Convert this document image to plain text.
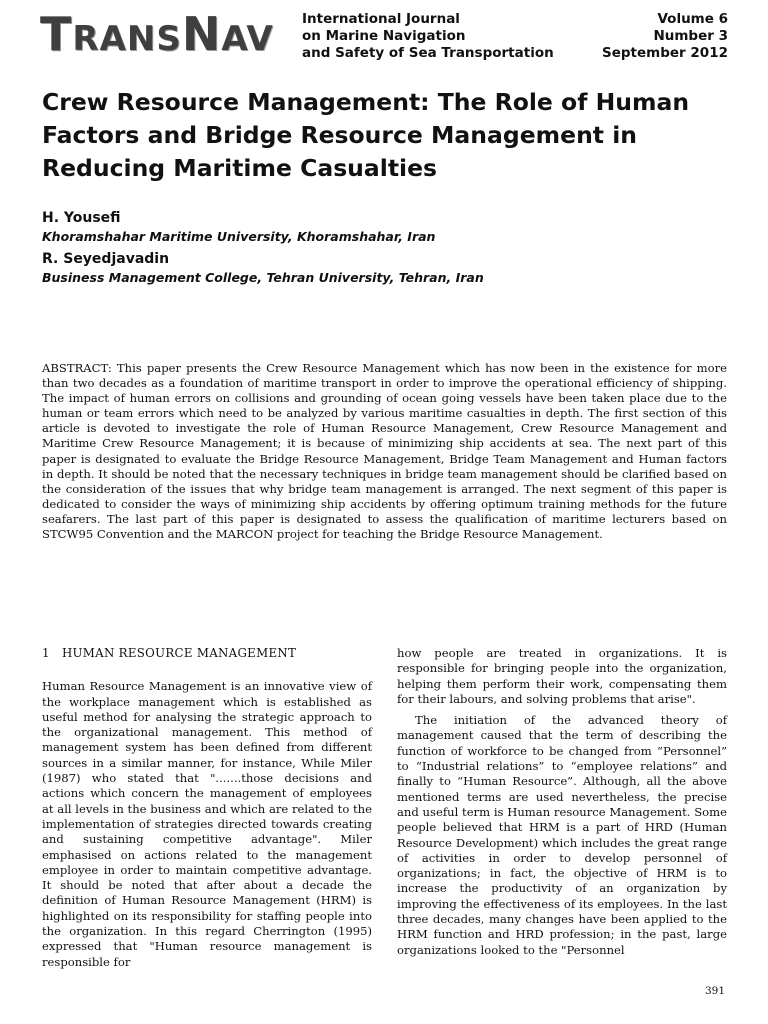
TRANSNAV International Journal
on Marine Navigation
and Safety of Sea Transportation
Volume 6
Number 3
September 2012
Crew Resource Management: The Role of Human Factors and Bridge Resource Management in Reducing Maritime Casualties
H. Yousefi
Khoramshahar Maritime University, Khoramshahar, Iran
R. Seyedjavadin
Business Management College, Tehran University, Tehran, Iran

ABSTRACT: This paper presents the Crew Resource Management which has now been in the existence for more than two decades as a foundation of maritime transport in order to improve the operational efficiency of shipping. The impact of human errors on collisions and grounding of ocean going vessels have been taken place due to the human or team errors which need to be analyzed by various maritime casualties in depth. The first section of this article is devoted to investigate the role of Human Resource Management, Crew Resource Management and Maritime Crew Resource Management; it is because of minimizing ship accidents at sea. The next part of this paper is designated to evaluate the Bridge Resource Management, Bridge Team Management and Human factors in depth. It should be noted that the necessary techniques in bridge team management should be clarified based on the consideration of the issues that why bridge team management is arranged. The next segment of this paper is dedicated to consider the ways of minimizing ship accidents by offering optimum training methods for the future seafarers. The last part of this paper is designated to assess the qualification of maritime lecturers based on STCW95 Convention and the MARCON project for teaching the Bridge Resource Management.

1   HUMAN RESOURCE MANAGEMENT

Human Resource Management is an innovative view of the workplace management which is established as useful method for analysing the strategic approach to the organizational management. This method of management system has been defined from different sources in a similar manner, for instance, While Miler (1987) who stated that ".......those decisions and actions which concern the management of employees at all levels in the business and which are related to the implementation of strategies directed towards creating and sustaining competitive advantage". Miler emphasised on actions related to the management employee in order to maintain competitive advantage. It should be noted that after about a decade the definition of Human Resource Management (HRM) is highlighted on its responsibility for staffing people into the organization. In this regard Cherrington (1995) expressed that "Human resource management is responsible for

how people are treated in organizations. It is responsible for bringing people into the organization, helping them perform their work, compensating them for their labours, and solving problems that arise".

The initiation of the advanced theory of management caused that the term of describing the function of workforce to be changed from “Personnel” to “Industrial relations” to “employee relations” and finally to “Human Resource”. Although, all the above mentioned terms are used nevertheless, the precise and useful term is Human resource Management. Some people believed that HRM is a part of HRD (Human Resource Development) which includes the great range of activities in order to develop personnel of organizations; in fact, the objective of HRM is to increase the productivity of an organization by improving the effectiveness of its employees. In the last three decades, many changes have been applied to the HRM function and HRD profession; in the past, large organizations looked to the "Personnel

391
